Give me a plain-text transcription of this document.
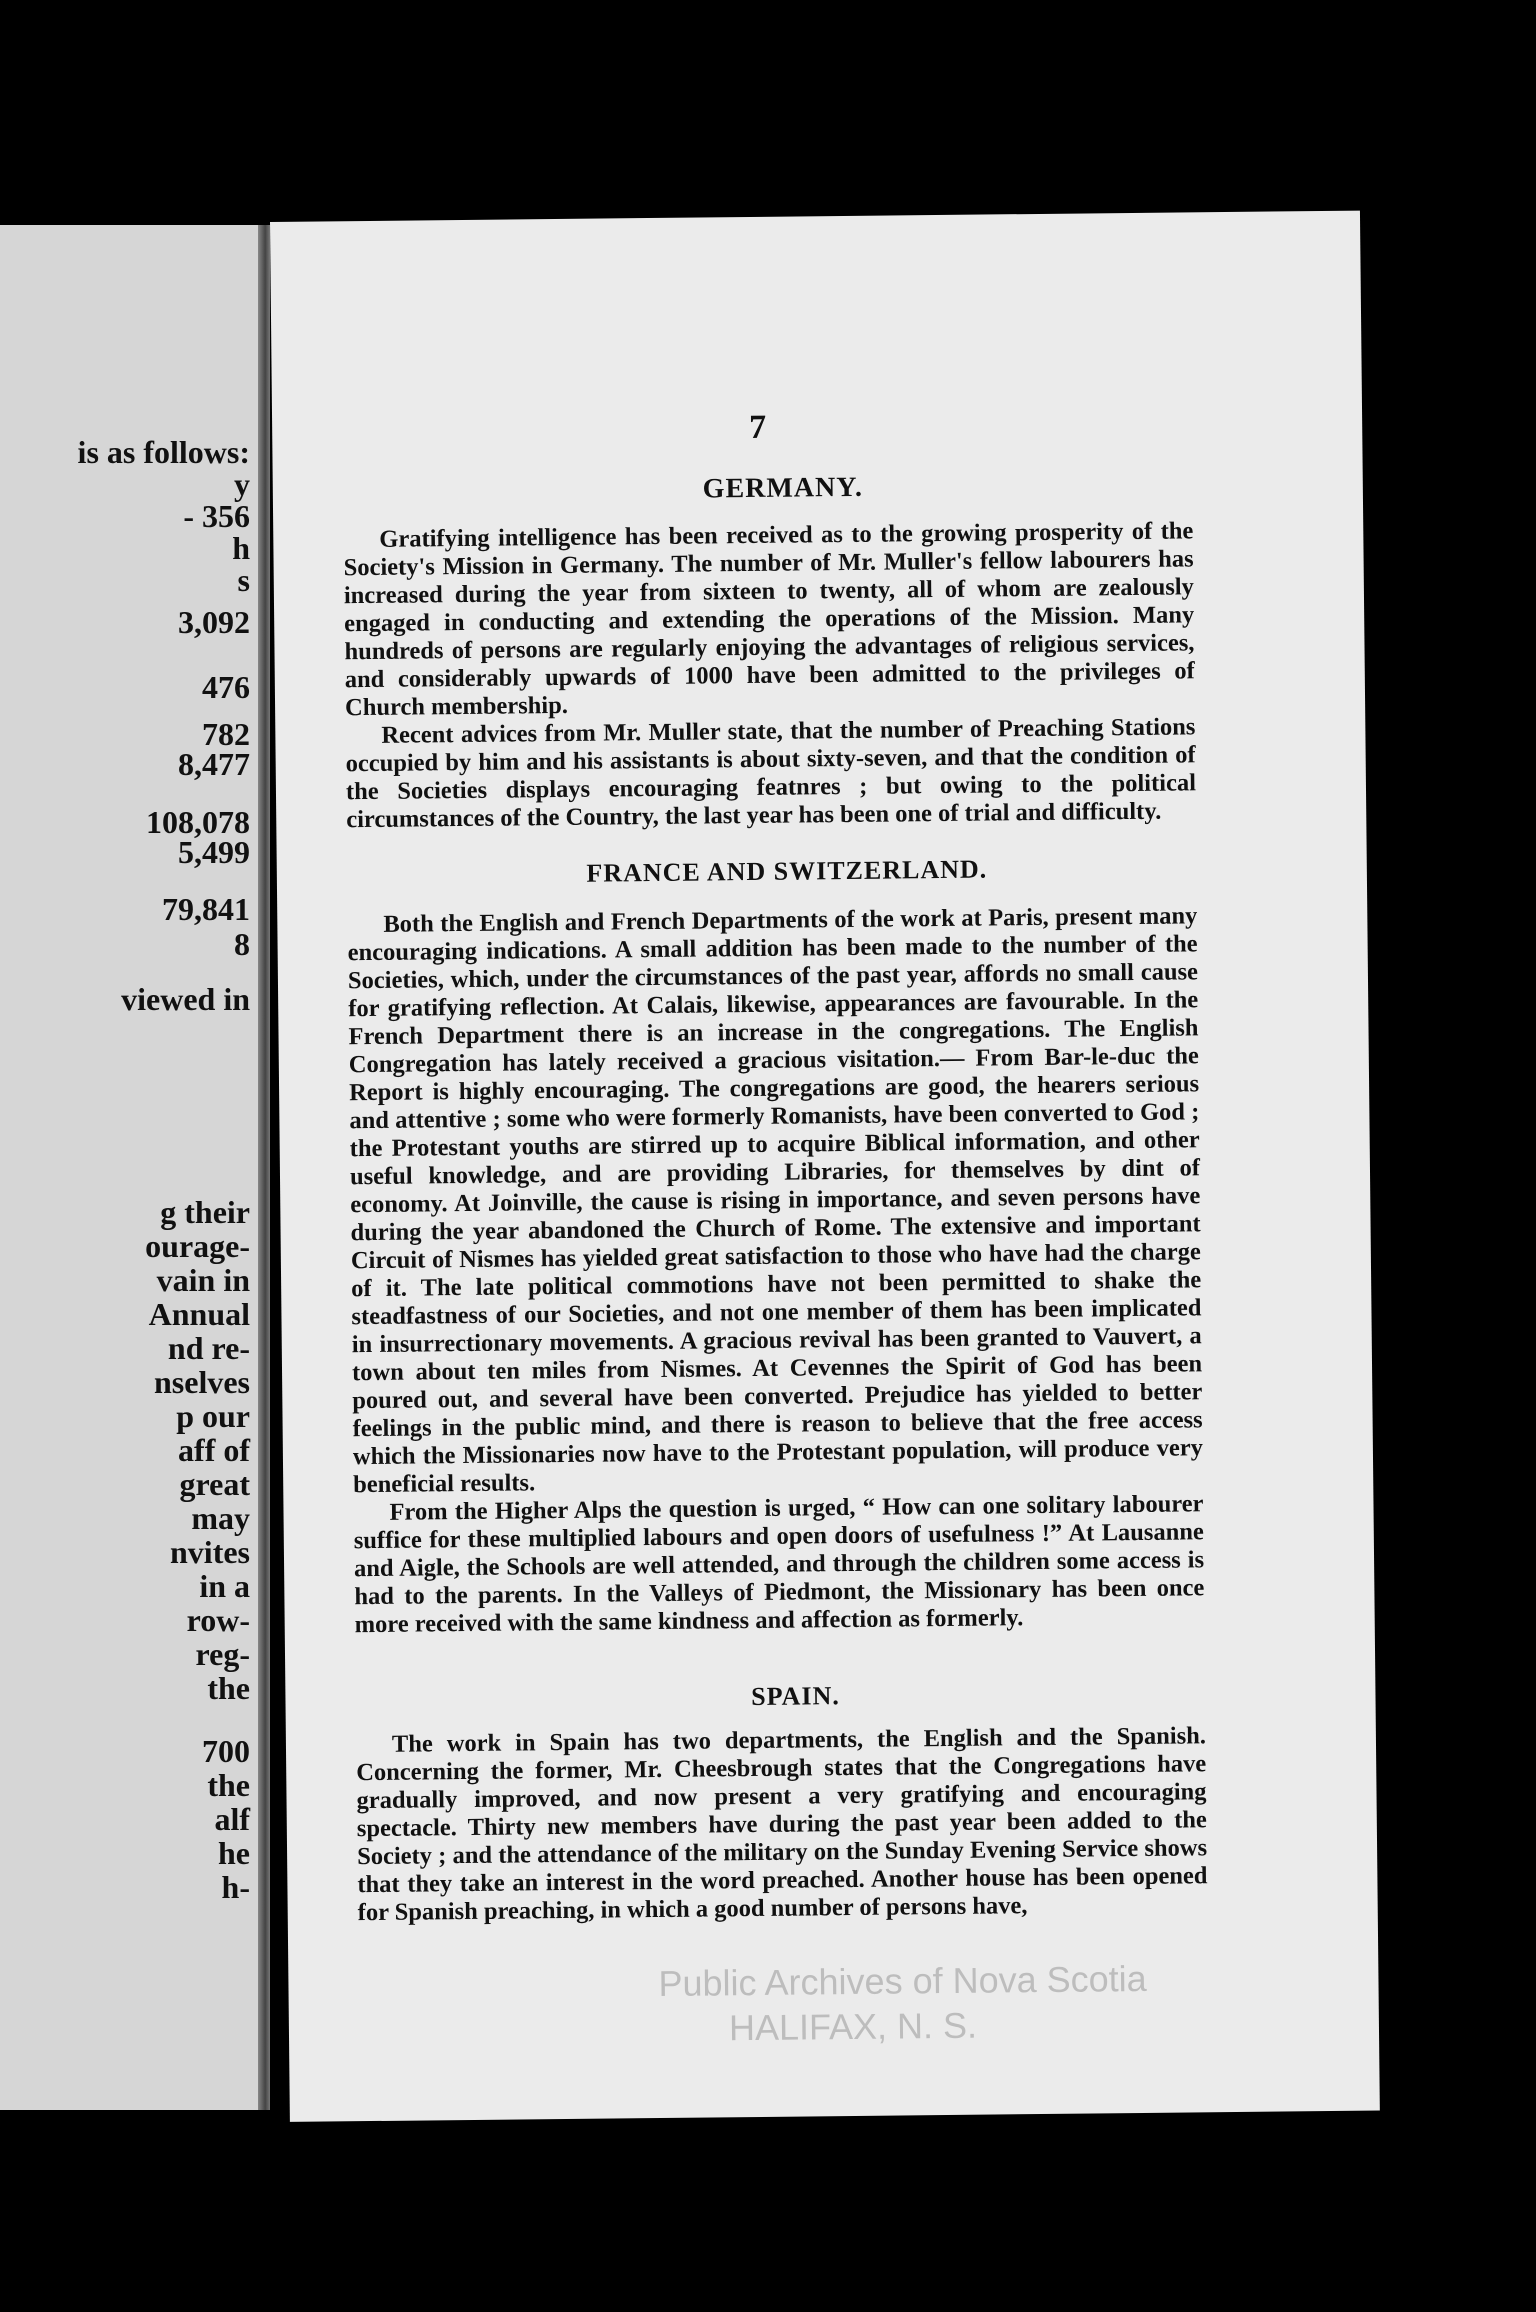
is as follows:
y
- 356
h
s
3,092
476
782
8,477
108,078
5,499
79,841
8
viewed in
g their
ourage-
vain in
Annual
nd re-
nselves
p our
aff of
great
may
nvites
in a
row-
reg-
the
700
the
alf
he
h-
7
GERMANY.

Gratifying intelligence has been received as to the growing prosperity of the Society's Mission in Germany. The number of Mr. Muller's fellow labourers has increased during the year from sixteen to twenty, all of whom are zealously engaged in conducting and extending the operations of the Mission. Many hundreds of persons are regularly enjoying the advantages of religious services, and considerably upwards of 1000 have been admitted to the privileges of Church membership.

Recent advices from Mr. Muller state, that the number of Preaching Stations occupied by him and his assistants is about sixty-seven, and that the condition of the Societies displays encouraging featnres ; but owing to the political circumstances of the Country, the last year has been one of trial and difficulty.

FRANCE AND SWITZERLAND.

Both the English and French Departments of the work at Paris, present many encouraging indications. A small addition has been made to the number of the Societies, which, under the circumstances of the past year, affords no small cause for gratifying reflection. At Calais, likewise, appearances are favourable. In the French Department there is an increase in the congregations. The English Congregation has lately received a gracious visitation.— From Bar-le-duc the Report is highly encouraging. The congregations are good, the hearers serious and attentive ; some who were formerly Romanists, have been converted to God ; the Protestant youths are stirred up to acquire Biblical information, and other useful knowledge, and are providing Libraries, for themselves by dint of economy. At Joinville, the cause is rising in importance, and seven persons have during the year abandoned the Church of Rome. The extensive and important Circuit of Nismes has yielded great satisfaction to those who have had the charge of it. The late political commotions have not been permitted to shake the steadfastness of our Societies, and not one member of them has been implicated in insurrectionary movements. A gracious revival has been granted to Vauvert, a town about ten miles from Nismes. At Cevennes the Spirit of God has been poured out, and several have been converted. Prejudice has yielded to better feelings in the public mind, and there is reason to believe that the free access which the Missionaries now have to the Protestant population, will produce very beneficial results.

From the Higher Alps the question is urged, “ How can one solitary labourer suffice for these multiplied labours and open doors of usefulness !” At Lausanne and Aigle, the Schools are well attended, and through the children some access is had to the parents. In the Valleys of Piedmont, the Missionary has been once more received with the same kindness and affection as formerly.

SPAIN.

The work in Spain has two departments, the English and the Spanish. Concerning the former, Mr. Cheesbrough states that the Congregations have gradually improved, and now present a very gratifying and encouraging spectacle. Thirty new members have during the past year been added to the Society ; and the attendance of the military on the Sunday Evening Service shows that they take an interest in the word preached. Another house has been opened for Spanish preaching, in which a good number of persons have,

Public Archives of Nova Scotia
HALIFAX, N. S.
